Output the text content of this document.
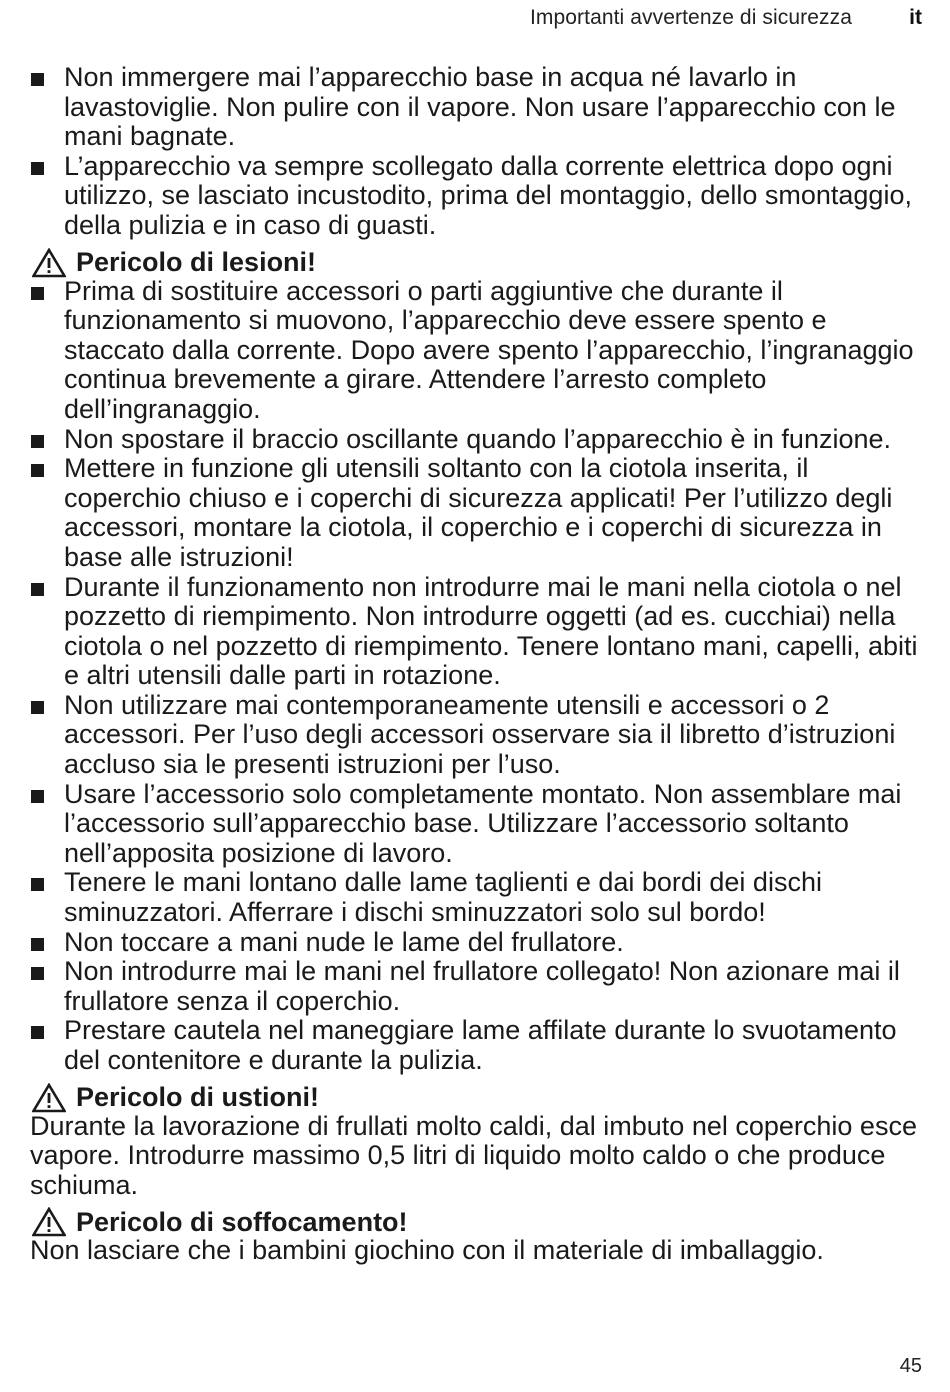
Importanti avvertenze di sicurezza	it
Non immergere mai l’apparecchio base in acqua né lavarlo in lavastoviglie. Non pulire con il vapore. Non usare l’apparecchio con le mani bagnate.
L’apparecchio va sempre scollegato dalla corrente elettrica dopo ogni utilizzo, se lasciato incustodito, prima del montaggio, dello smontaggio, della pulizia e in caso di guasti.
Pericolo di lesioni!
Prima di sostituire accessori o parti aggiuntive che durante il funzionamento si muovono, l’apparecchio deve essere spento e staccato dalla corrente. Dopo avere spento l’apparecchio, l’ingranaggio continua brevemente a girare. Attendere l’arresto completo dell’ingranaggio.
Non spostare il braccio oscillante quando l’apparecchio è in funzione.
Mettere in funzione gli utensili soltanto con la ciotola inserita, il coperchio chiuso e i coperchi di sicurezza applicati! Per l’utilizzo degli accessori, montare la ciotola, il coperchio e i coperchi di sicurezza in base alle istruzioni!
Durante il funzionamento non introdurre mai le mani nella ciotola o nel pozzetto di riempimento. Non introdurre oggetti (ad es. cucchiai) nella ciotola o nel pozzetto di riempimento. Tenere lontano mani, capelli, abiti e altri utensili dalle parti in rotazione.
Non utilizzare mai contemporaneamente utensili e accessori o 2 accessori. Per l’uso degli accessori osservare sia il libretto d’istruzioni accluso sia le presenti istruzioni per l’uso.
Usare l’accessorio solo completamente montato. Non assemblare mai l’accessorio sull’apparecchio base. Utilizzare l’accessorio soltanto nell’apposita posizione di lavoro.
Tenere le mani lontano dalle lame taglienti e dai bordi dei dischi sminuzzatori. Afferrare i dischi sminuzzatori solo sul bordo!
Non toccare a mani nude le lame del frullatore.
Non introdurre mai le mani nel frullatore collegato! Non azionare mai il frullatore senza il coperchio.
Prestare cautela nel maneggiare lame affilate durante lo svuotamento del contenitore e durante la pulizia.
Pericolo di ustioni!

Durante la lavorazione di frullati molto caldi, dal imbuto nel coperchio esce vapore. Introdurre massimo 0,5 litri di liquido molto caldo o che produce schiuma.

Pericolo di soffocamento!

Non lasciare che i bambini giochino con il materiale di imballaggio.

45
